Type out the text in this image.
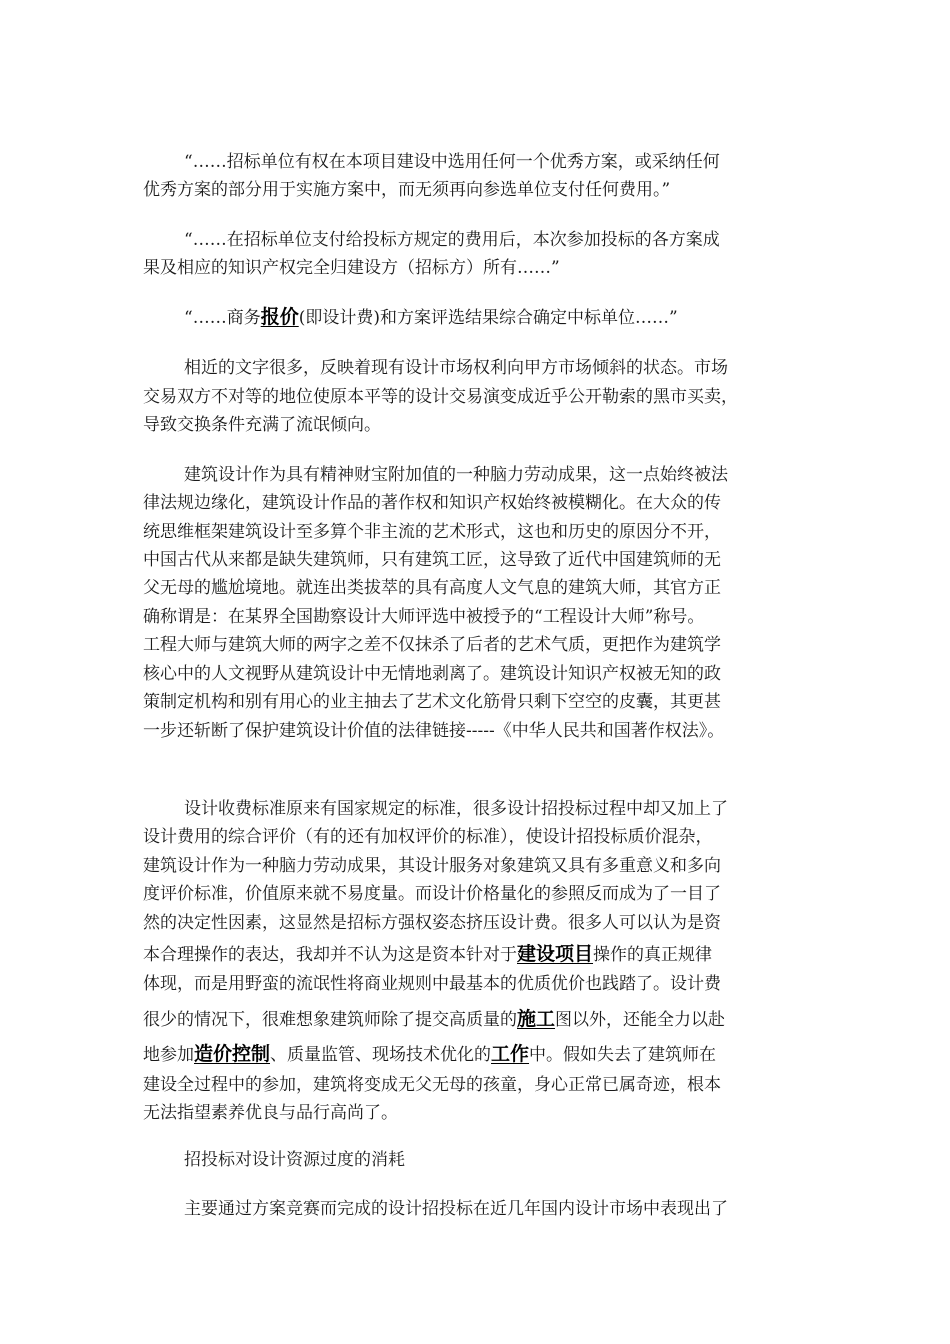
“……招标单位有权在本项目建设中选用任何一个优秀方案，或采纳任何
优秀方案的部分用于实施方案中，而无须再向参选单位支付任何费用。”
“……在招标单位支付给投标方规定的费用后，本次参加投标的各方案成
果及相应的知识产权完全归建设方（招标方）所有……”
“……商务报价(即设计费)和方案评选结果综合确定中标单位……”
相近的文字很多，反映着现有设计市场权利向甲方市场倾斜的状态。市场
交易双方不对等的地位使原本平等的设计交易演变成近乎公开勒索的黑市买卖，
导致交换条件充满了流氓倾向。
建筑设计作为具有精神财宝附加值的一种脑力劳动成果，这一点始终被法
律法规边缘化，建筑设计作品的著作权和知识产权始终被模糊化。在大众的传
统思维框架建筑设计至多算个非主流的艺术形式，这也和历史的原因分不开，
中国古代从来都是缺失建筑师，只有建筑工匠，这导致了近代中国建筑师的无
父无母的尴尬境地。就连出类拔萃的具有高度人文气息的建筑大师，其官方正
确称谓是：在某界全国勘察设计大师评选中被授予的“工程设计大师”称号。
工程大师与建筑大师的两字之差不仅抹杀了后者的艺术气质，更把作为建筑学
核心中的人文视野从建筑设计中无情地剥离了。建筑设计知识产权被无知的政
策制定机构和别有用心的业主抽去了艺术文化筋骨只剩下空空的皮囊，其更甚
一步还斩断了保护建筑设计价值的法律链接-----《中华人民共和国著作权法》。
设计收费标准原来有国家规定的标准，很多设计招投标过程中却又加上了
设计费用的综合评价（有的还有加权评价的标准），使设计招投标质价混杂，
建筑设计作为一种脑力劳动成果，其设计服务对象建筑又具有多重意义和多向
度评价标准，价值原来就不易度量。而设计价格量化的参照反而成为了一目了
然的决定性因素，这显然是招标方强权姿态挤压设计费。很多人可以认为是资
本合理操作的表达，我却并不认为这是资本针对于建设项目操作的真正规律
体现，而是用野蛮的流氓性将商业规则中最基本的优质优价也践踏了。设计费
很少的情况下，很难想象建筑师除了提交高质量的施工图以外，还能全力以赴
地参加造价控制、质量监管、现场技术优化的工作中。假如失去了建筑师在
建设全过程中的参加，建筑将变成无父无母的孩童，身心正常已属奇迹，根本
无法指望素养优良与品行高尚了。
招投标对设计资源过度的消耗
主要通过方案竞赛而完成的设计招投标在近几年国内设计市场中表现出了
